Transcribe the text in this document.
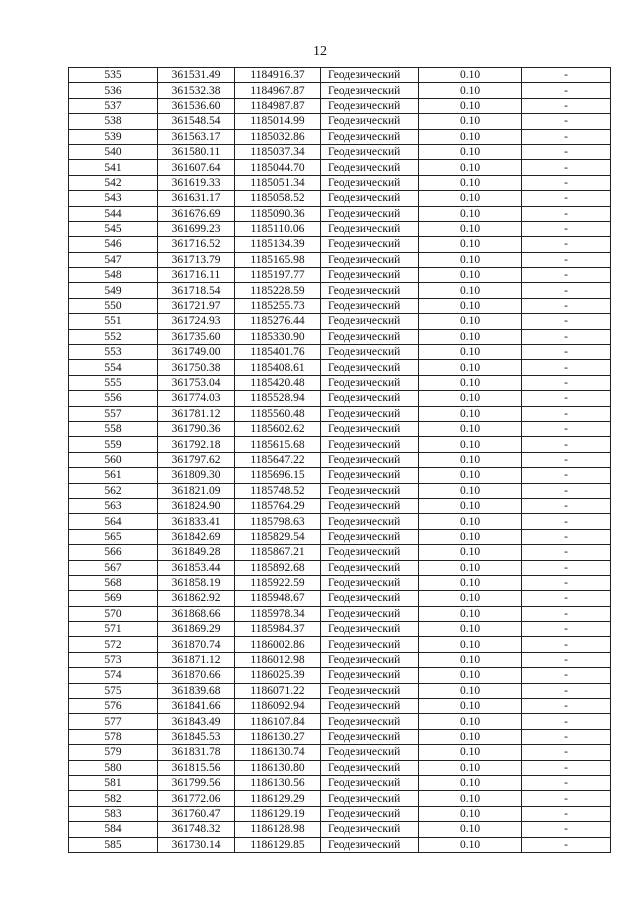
12
535	361531.49	1184916.37	Геодезический	0.10	-
536	361532.38	1184967.87	Геодезический	0.10	-
537	361536.60	1184987.87	Геодезический	0.10	-
538	361548.54	1185014.99	Геодезический	0.10	-
539	361563.17	1185032.86	Геодезический	0.10	-
540	361580.11	1185037.34	Геодезический	0.10	-
541	361607.64	1185044.70	Геодезический	0.10	-
542	361619.33	1185051.34	Геодезический	0.10	-
543	361631.17	1185058.52	Геодезический	0.10	-
544	361676.69	1185090.36	Геодезический	0.10	-
545	361699.23	1185110.06	Геодезический	0.10	-
546	361716.52	1185134.39	Геодезический	0.10	-
547	361713.79	1185165.98	Геодезический	0.10	-
548	361716.11	1185197.77	Геодезический	0.10	-
549	361718.54	1185228.59	Геодезический	0.10	-
550	361721.97	1185255.73	Геодезический	0.10	-
551	361724.93	1185276.44	Геодезический	0.10	-
552	361735.60	1185330.90	Геодезический	0.10	-
553	361749.00	1185401.76	Геодезический	0.10	-
554	361750.38	1185408.61	Геодезический	0.10	-
555	361753.04	1185420.48	Геодезический	0.10	-
556	361774.03	1185528.94	Геодезический	0.10	-
557	361781.12	1185560.48	Геодезический	0.10	-
558	361790.36	1185602.62	Геодезический	0.10	-
559	361792.18	1185615.68	Геодезический	0.10	-
560	361797.62	1185647.22	Геодезический	0.10	-
561	361809.30	1185696.15	Геодезический	0.10	-
562	361821.09	1185748.52	Геодезический	0.10	-
563	361824.90	1185764.29	Геодезический	0.10	-
564	361833.41	1185798.63	Геодезический	0.10	-
565	361842.69	1185829.54	Геодезический	0.10	-
566	361849.28	1185867.21	Геодезический	0.10	-
567	361853.44	1185892.68	Геодезический	0.10	-
568	361858.19	1185922.59	Геодезический	0.10	-
569	361862.92	1185948.67	Геодезический	0.10	-
570	361868.66	1185978.34	Геодезический	0.10	-
571	361869.29	1185984.37	Геодезический	0.10	-
572	361870.74	1186002.86	Геодезический	0.10	-
573	361871.12	1186012.98	Геодезический	0.10	-
574	361870.66	1186025.39	Геодезический	0.10	-
575	361839.68	1186071.22	Геодезический	0.10	-
576	361841.66	1186092.94	Геодезический	0.10	-
577	361843.49	1186107.84	Геодезический	0.10	-
578	361845.53	1186130.27	Геодезический	0.10	-
579	361831.78	1186130.74	Геодезический	0.10	-
580	361815.56	1186130.80	Геодезический	0.10	-
581	361799.56	1186130.56	Геодезический	0.10	-
582	361772.06	1186129.29	Геодезический	0.10	-
583	361760.47	1186129.19	Геодезический	0.10	-
584	361748.32	1186128.98	Геодезический	0.10	-
585	361730.14	1186129.85	Геодезический	0.10	-
